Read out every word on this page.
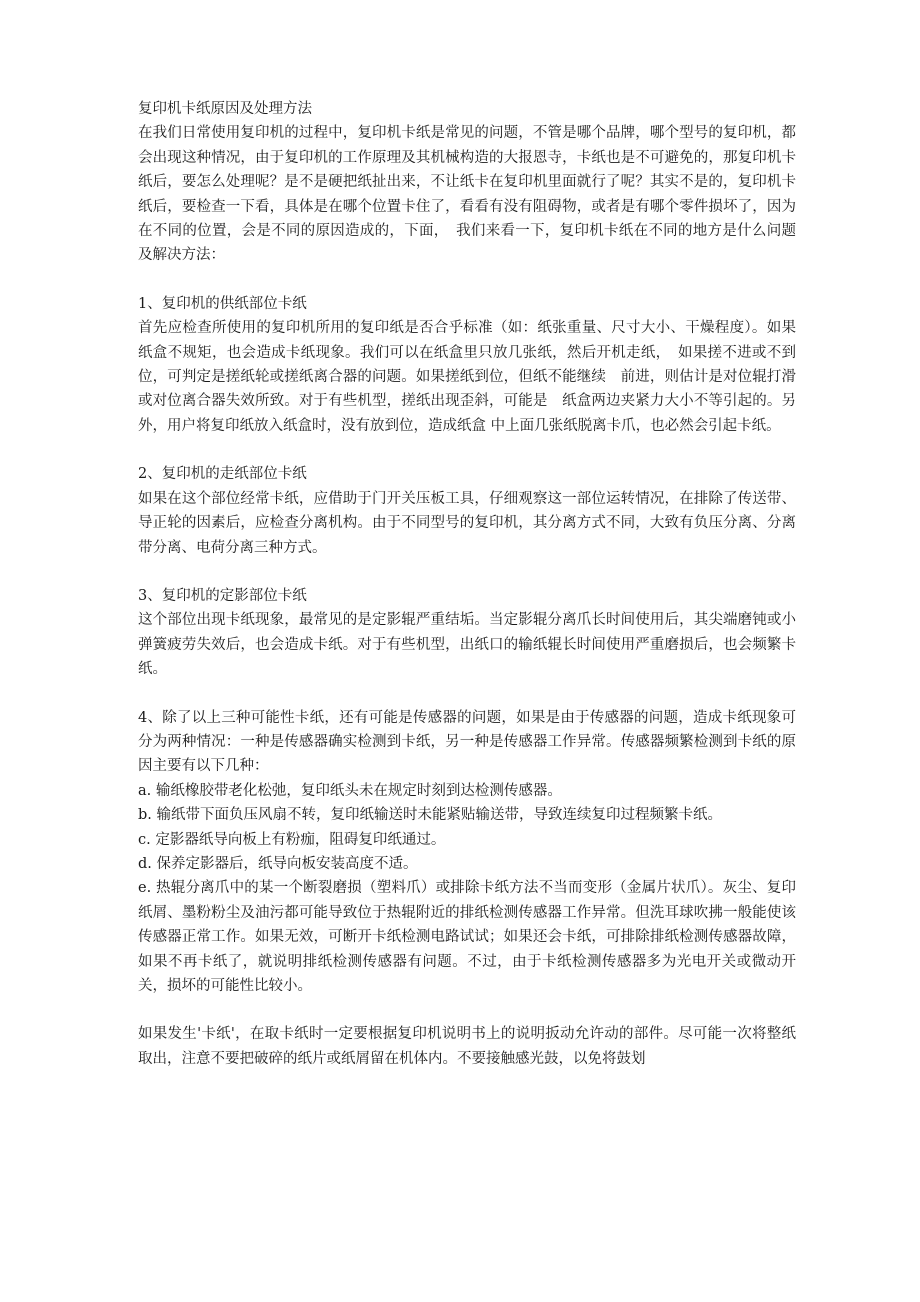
复印机卡纸原因及处理方法

在我们日常使用复印机的过程中，复印机卡纸是常见的问题，不管是哪个品牌，哪个型号的复印机，都会出现这种情况，由于复印机的工作原理及其机械构造的大报恩寺，卡纸也是不可避免的，那复印机卡纸后，要怎么处理呢？是不是硬把纸扯出来，不让纸卡在复印机里面就行了呢？其实不是的，复印机卡纸后，要检查一下看，具体是在哪个位置卡住了，看看有没有阻碍物，或者是有哪个零件损坏了，因为在不同的位置，会是不同的原因造成的，下面，　我们来看一下，复印机卡纸在不同的地方是什么问题及解决方法：

1、复印机的供纸部位卡纸

首先应检查所使用的复印机所用的复印纸是否合乎标准（如：纸张重量、尺寸大小、干燥程度）。如果纸盒不规矩，也会造成卡纸现象。我们可以在纸盒里只放几张纸，然后开机走纸，　如果搓不进或不到位，可判定是搓纸轮或搓纸离合器的问题。如果搓纸到位，但纸不能继续　前进，则估计是对位辊打滑或对位离合器失效所致。对于有些机型，搓纸出现歪斜，可能是　纸盒两边夹紧力大小不等引起的。另外，用户将复印纸放入纸盒时，没有放到位，造成纸盒 中上面几张纸脱离卡爪，也必然会引起卡纸。

2、复印机的走纸部位卡纸

如果在这个部位经常卡纸，应借助于门开关压板工具，仔细观察这一部位运转情况，在排除了传送带、导正轮的因素后，应检查分离机构。由于不同型号的复印机，其分离方式不同，大致有负压分离、分离带分离、电荷分离三种方式。

3、复印机的定影部位卡纸

这个部位出现卡纸现象，最常见的是定影辊严重结垢。当定影辊分离爪长时间使用后，其尖端磨钝或小弹簧疲劳失效后，也会造成卡纸。对于有些机型，出纸口的输纸辊长时间使用严重磨损后，也会频繁卡纸。

4、除了以上三种可能性卡纸，还有可能是传感器的问题，如果是由于传感器的问题，造成卡纸现象可分为两种情况：一种是传感器确实检测到卡纸，另一种是传感器工作异常。传感器频繁检测到卡纸的原因主要有以下几种：

a. 输纸橡胶带老化松弛，复印纸头未在规定时刻到达检测传感器。

b. 输纸带下面负压风扇不转，复印纸输送时未能紧贴输送带，导致连续复印过程频繁卡纸。

c. 定影器纸导向板上有粉痂，阻碍复印纸通过。

d. 保养定影器后，纸导向板安装高度不适。

e. 热辊分离爪中的某一个断裂磨损（塑料爪）或排除卡纸方法不当而变形（金属片状爪）。灰尘、复印纸屑、墨粉粉尘及油污都可能导致位于热辊附近的排纸检测传感器工作异常。但洗耳球吹拂一般能使该传感器正常工作。如果无效，可断开卡纸检测电路试试；如果还会卡纸，可排除排纸检测传感器故障，如果不再卡纸了，就说明排纸检测传感器有问题。不过，由于卡纸检测传感器多为光电开关或微动开关，损坏的可能性比较小。

如果发生'卡纸'，在取卡纸时一定要根据复印机说明书上的说明扳动允许动的部件。尽可能一次将整纸取出，注意不要把破碎的纸片或纸屑留在机体内。不要接触感光鼓，以免将鼓划
